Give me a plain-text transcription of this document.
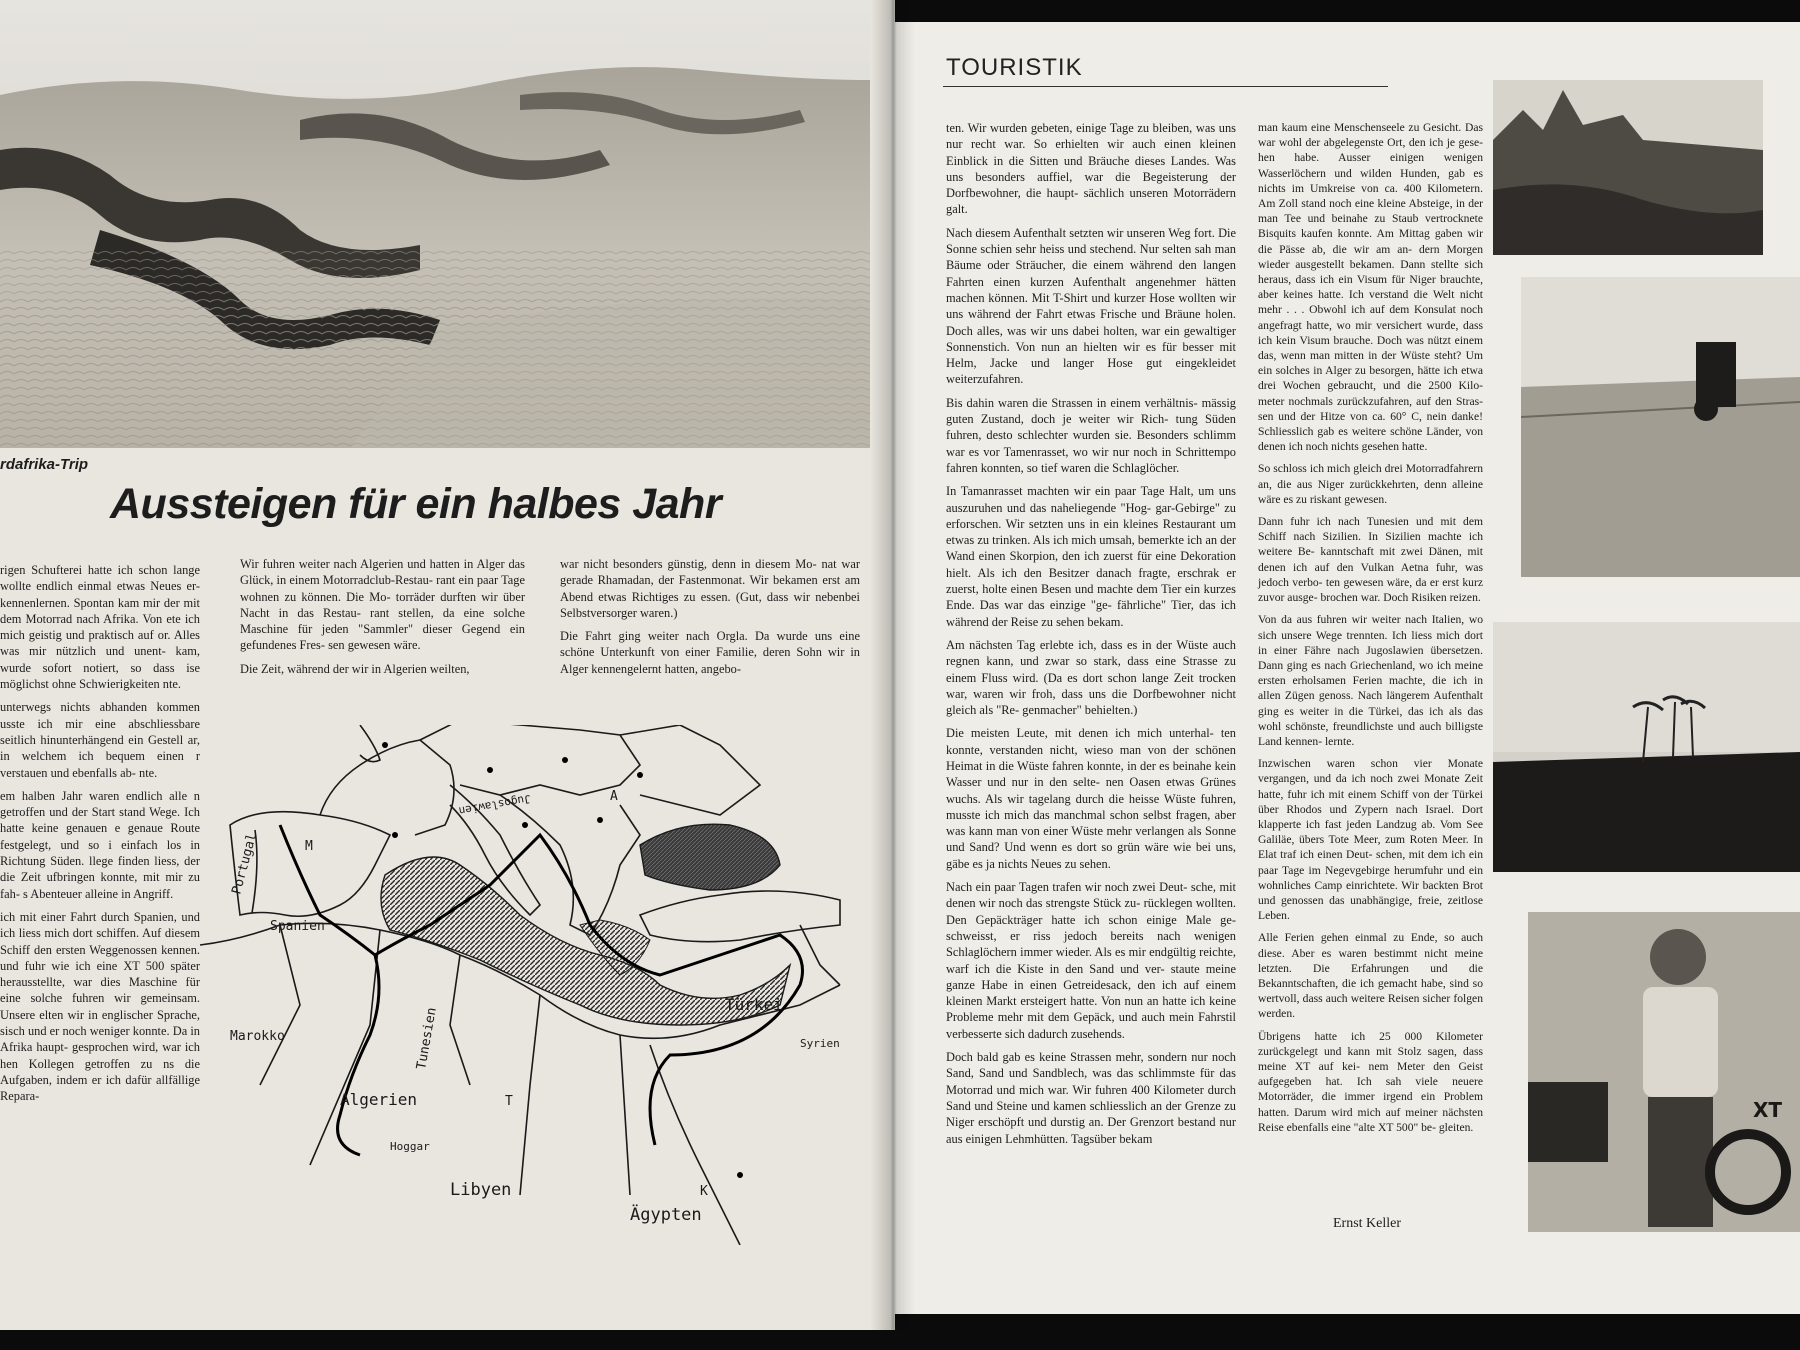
rdafrika-Trip
Aussteigen für ein halbes Jahr

rigen Schufterei hatte ich schon lange wollte endlich einmal etwas Neues er- kennenlernen. Spontan kam mir der mit dem Motorrad nach Afrika. Von ete ich mich geistig und praktisch auf or. Alles was mir nützlich und unent- kam, wurde sofort notiert, so dass ise möglichst ohne Schwierigkeiten nte.

unterwegs nichts abhanden kommen usste ich mir eine abschliessbare seitlich hinunterhängend ein Gestell ar, in welchem ich bequem einen r verstauen und ebenfalls ab- nte.

em halben Jahr waren endlich alle n getroffen und der Start stand Wege. Ich hatte keine genauen e genaue Route festgelegt, und so i einfach los in Richtung Süden. llege finden liess, der die Zeit ufbringen konnte, mit mir zu fah- s Abenteuer alleine in Angriff.

ich mit einer Fahrt durch Spanien, und ich liess mich dort schiffen. Auf diesem Schiff den ersten Weggenossen kennen. und fuhr wie ich eine XT 500 später herausstellte, war dies Maschine für eine solche fuhren wir gemeinsam. Unsere elten wir in englischer Sprache, sisch und er noch weniger konnte. Da in Afrika haupt- gesprochen wird, war ich hen Kollegen getroffen zu ns die Aufgaben, indem er ich dafür allfällige Repara-

Wir fuhren weiter nach Algerien und hatten in Alger das Glück, in einem Motorradclub-Restau- rant ein paar Tage wohnen zu können. Die Mo- torräder durften wir über Nacht in das Restau- rant stellen, da eine solche Maschine für jeden "Sammler" dieser Gegend ein gefundenes Fres- sen gewesen wäre.

Die Zeit, während der wir in Algerien weilten,

war nicht besonders günstig, denn in diesem Mo- nat war gerade Rhamadan, der Fastenmonat. Wir bekamen erst am Abend etwas Richtiges zu essen. (Gut, dass wir nebenbei Selbstversorger waren.)

Die Fahrt ging weiter nach Orgla. Da wurde uns eine schöne Unterkunft von einer Familie, deren Sohn wir in Alger kennengelernt hatten, angebo-

Portugal	M
Spanien
Marokko
Algerien
Tunesien
T
Hoggar
Libyen
Ägypten
K
Türkei
Syrien
Jugoslawien	A
TOURISTIK

ten. Wir wurden gebeten, einige Tage zu bleiben, was uns nur recht war. So erhielten wir auch einen kleinen Einblick in die Sitten und Bräuche dieses Landes. Was uns besonders auffiel, war die Begeisterung der Dorfbewohner, die haupt- sächlich unseren Motorrädern galt.

Nach diesem Aufenthalt setzten wir unseren Weg fort. Die Sonne schien sehr heiss und stechend. Nur selten sah man Bäume oder Sträucher, die einem während den langen Fahrten einen kurzen Aufenthalt angenehmer hätten machen können. Mit T-Shirt und kurzer Hose wollten wir uns während der Fahrt etwas Frische und Bräune holen. Doch alles, was wir uns dabei holten, war ein gewaltiger Sonnenstich. Von nun an hielten wir es für besser mit Helm, Jacke und langer Hose gut eingekleidet weiterzufahren.

Bis dahin waren die Strassen in einem verhältnis- mässig guten Zustand, doch je weiter wir Rich- tung Süden fuhren, desto schlechter wurden sie. Besonders schlimm war es vor Tamenrasset, wo wir nur noch in Schrittempo fahren konnten, so tief waren die Schlaglöcher.

In Tamanrasset machten wir ein paar Tage Halt, um uns auszuruhen und das naheliegende "Hog- gar-Gebirge" zu erforschen. Wir setzten uns in ein kleines Restaurant um etwas zu trinken. Als ich mich umsah, bemerkte ich an der Wand einen Skorpion, den ich zuerst für eine Dekoration hielt. Als ich den Besitzer danach fragte, erschrak er zuerst, holte einen Besen und machte dem Tier ein kurzes Ende. Das war das einzige "ge- fährliche" Tier, das ich während der Reise zu sehen bekam.

Am nächsten Tag erlebte ich, dass es in der Wüste auch regnen kann, und zwar so stark, dass eine Strasse zu einem Fluss wird. (Da es dort schon lange Zeit trocken war, waren wir froh, dass uns die Dorfbewohner nicht gleich als "Re- genmacher" behielten.)

Die meisten Leute, mit denen ich mich unterhal- ten konnte, verstanden nicht, wieso man von der schönen Heimat in die Wüste fahren konnte, in der es beinahe kein Wasser und nur in den selte- nen Oasen etwas Grünes wuchs. Als wir tagelang durch die heisse Wüste fuhren, musste ich mich das manchmal schon selbst fragen, aber was kann man von einer Wüste mehr verlangen als Sonne und Sand? Und wenn es dort so grün wäre wie bei uns, gäbe es ja nichts Neues zu sehen.

Nach ein paar Tagen trafen wir noch zwei Deut- sche, mit denen wir noch das strengste Stück zu- rücklegen wollten. Den Gepäckträger hatte ich schon einige Male ge- schweisst, er riss jedoch bereits nach wenigen Schlaglöchern immer wieder. Als es mir endgültig reichte, warf ich die Kiste in den Sand und ver- staute meine ganze Habe in einen Getreidesack, den ich auf einem kleinen Markt ersteigert hatte. Von nun an hatte ich keine Probleme mehr mit dem Gepäck, und auch mein Fahrstil verbesserte sich dadurch zusehends.

Doch bald gab es keine Strassen mehr, sondern nur noch Sand, Sand und Sandblech, was das schlimmste für das Motorrad und mich war. Wir fuhren 400 Kilometer durch Sand und Steine und kamen schliesslich an der Grenze zu Niger erschöpft und durstig an. Der Grenzort bestand nur aus einigen Lehmhütten. Tagsüber bekam

man kaum eine Menschenseele zu Gesicht. Das war wohl der abgelegenste Ort, den ich je gese- hen habe. Ausser einigen wenigen Wasserlöchern und wilden Hunden, gab es nichts im Umkreise von ca. 400 Kilometern. Am Zoll stand noch eine kleine Absteige, in der man Tee und beinahe zu Staub vertrocknete Bisquits kaufen konnte. Am Mittag gaben wir die Pässe ab, die wir am an- dern Morgen wieder ausgestellt bekamen. Dann stellte sich heraus, dass ich ein Visum für Niger brauchte, aber keines hatte. Ich verstand die Welt nicht mehr . . . Obwohl ich auf dem Konsulat noch angefragt hatte, wo mir versichert wurde, dass ich kein Visum brauche. Doch was nützt einem das, wenn man mitten in der Wüste steht? Um ein solches in Alger zu besorgen, hätte ich etwa drei Wochen gebraucht, und die 2500 Kilo- meter nochmals zurückzufahren, auf den Stras- sen und der Hitze von ca. 60° C, nein danke! Schliesslich gab es weitere schöne Länder, von denen ich noch nichts gesehen hatte.

So schloss ich mich gleich drei Motorradfahrern an, die aus Niger zurückkehrten, denn alleine wäre es zu riskant gewesen.

Dann fuhr ich nach Tunesien und mit dem Schiff nach Sizilien. In Sizilien machte ich weitere Be- kanntschaft mit zwei Dänen, mit denen ich auf den Vulkan Aetna fuhr, was jedoch verbo- ten gewesen wäre, da er erst kurz zuvor ausge- brochen war. Doch Risiken reizen.

Von da aus fuhren wir weiter nach Italien, wo sich unsere Wege trennten. Ich liess mich dort in einer Fähre nach Jugoslawien übersetzen. Dann ging es nach Griechenland, wo ich meine ersten erholsamen Ferien machte, die ich in allen Zügen genoss. Nach längerem Aufenthalt ging es weiter in die Türkei, das ich als das wohl schönste, freundlichste und auch billigste Land kennen- lernte.

Inzwischen waren schon vier Monate vergangen, und da ich noch zwei Monate Zeit hatte, fuhr ich mit einem Schiff von der Türkei über Rhodos und Zypern nach Israel. Dort klapperte ich fast jeden Landzug ab. Vom See Galiläe, übers Tote Meer, zum Roten Meer. In Elat traf ich einen Deut- schen, mit dem ich ein paar Tage im Negevgebirge herumfuhr und ein wohnliches Camp einrichtete. Wir backten Brot und genossen das unabhängige, freie, zeitlose Leben.

Alle Ferien gehen einmal zu Ende, so auch diese. Aber es waren bestimmt nicht meine letzten. Die Erfahrungen und die Bekanntschaften, die ich gemacht habe, sind so wertvoll, dass auch weitere Reisen sicher folgen werden.

Übrigens hatte ich 25 000 Kilometer zurückgelegt und kann mit Stolz sagen, dass meine XT auf kei- nem Meter den Geist aufgegeben hat. Ich sah viele neuere Motorräder, die immer irgend ein Problem hatten. Darum wird mich auf meiner nächsten Reise ebenfalls eine "alte XT 500" be- gleiten.

Ernst Keller
XT
